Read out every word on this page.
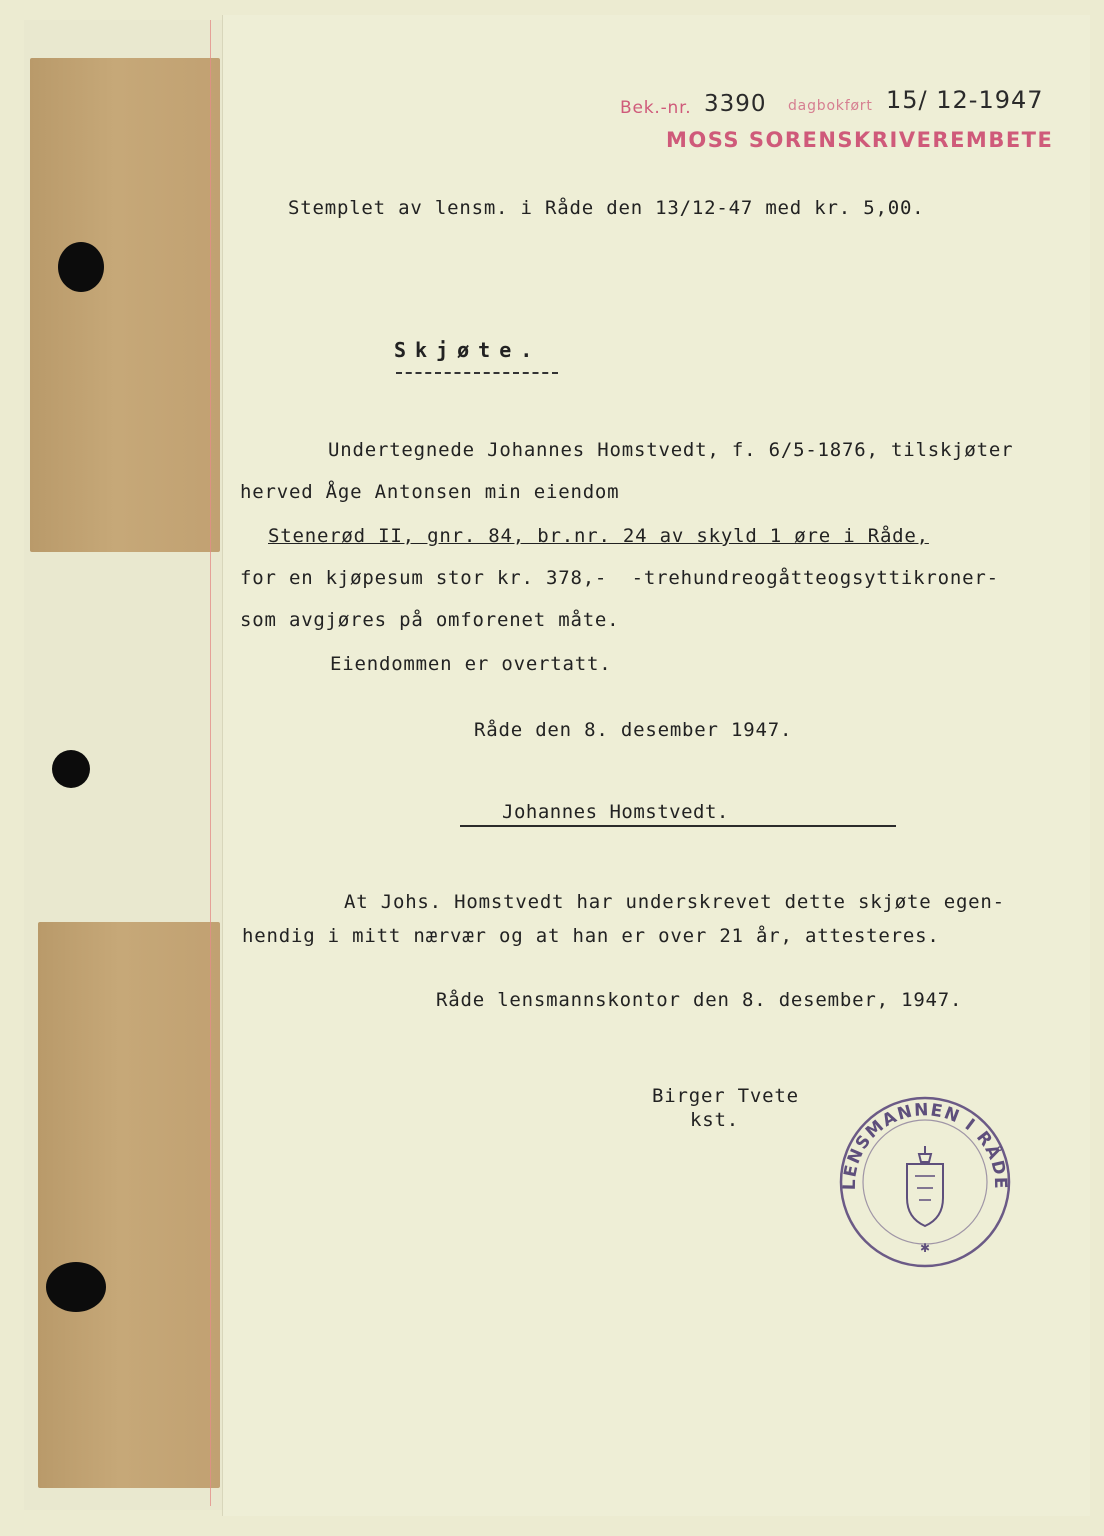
Bek.-nr. 3390 dagbokført 15/ 12-1947
MOSS SORENSKRIVEREMBETE
Stemplet av lensm. i Råde den 13/12-47 med kr. 5,00.
Skjøte.
Undertegnede Johannes Homstvedt, f. 6/5-1876, tilskjøter
herved Åge Antonsen min eiendom
Stenerød II, gnr. 84, br.nr. 24 av skyld 1 øre i Råde,
for en kjøpesum stor kr. 378,-  -trehundreogåtteogsyttikroner-
som avgjøres på omforenet måte.
Eiendommen er overtatt.
Råde den 8. desember 1947.
Johannes Homstvedt.
At Johs. Homstvedt har underskrevet dette skjøte egen-
hendig i mitt nærvær og at han er over 21 år, attesteres.
Råde lensmannskontor den 8. desember, 1947.
Birger Tvete
kst.
LENSMANNEN I RÅDE
✱
